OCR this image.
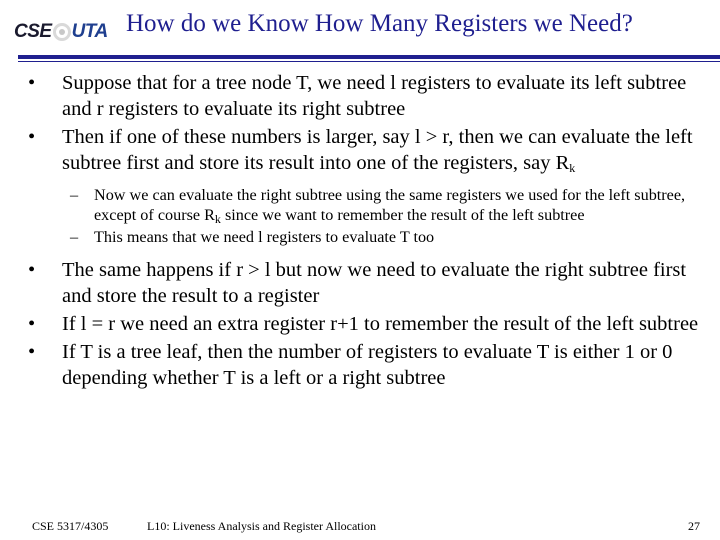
CSE UTA How do we Know How Many Registers we Need?
• Suppose that for a tree node T, we need l registers to evaluate its left subtree and r registers to evaluate its right subtree
• Then if one of these numbers is larger, say l > r, then we can evaluate the left subtree first and store its result into one of the registers, say $R_k$
– Now we can evaluate the right subtree using the same registers we used for the left subtree, except of course $R_k$ since we want to remember the result of the left subtree
– This means that we need l registers to evaluate T too
• The same happens if r > l but now we need to evaluate the right subtree first and store the result to a register
• If l = r we need an extra register r+1 to remember the result of the left subtree
• If T is a tree leaf, then the number of registers to evaluate T is either 1 or 0 depending whether T is a left or a right subtree
CSE 5317/4305	L10: Liveness Analysis and Register Allocation	27
